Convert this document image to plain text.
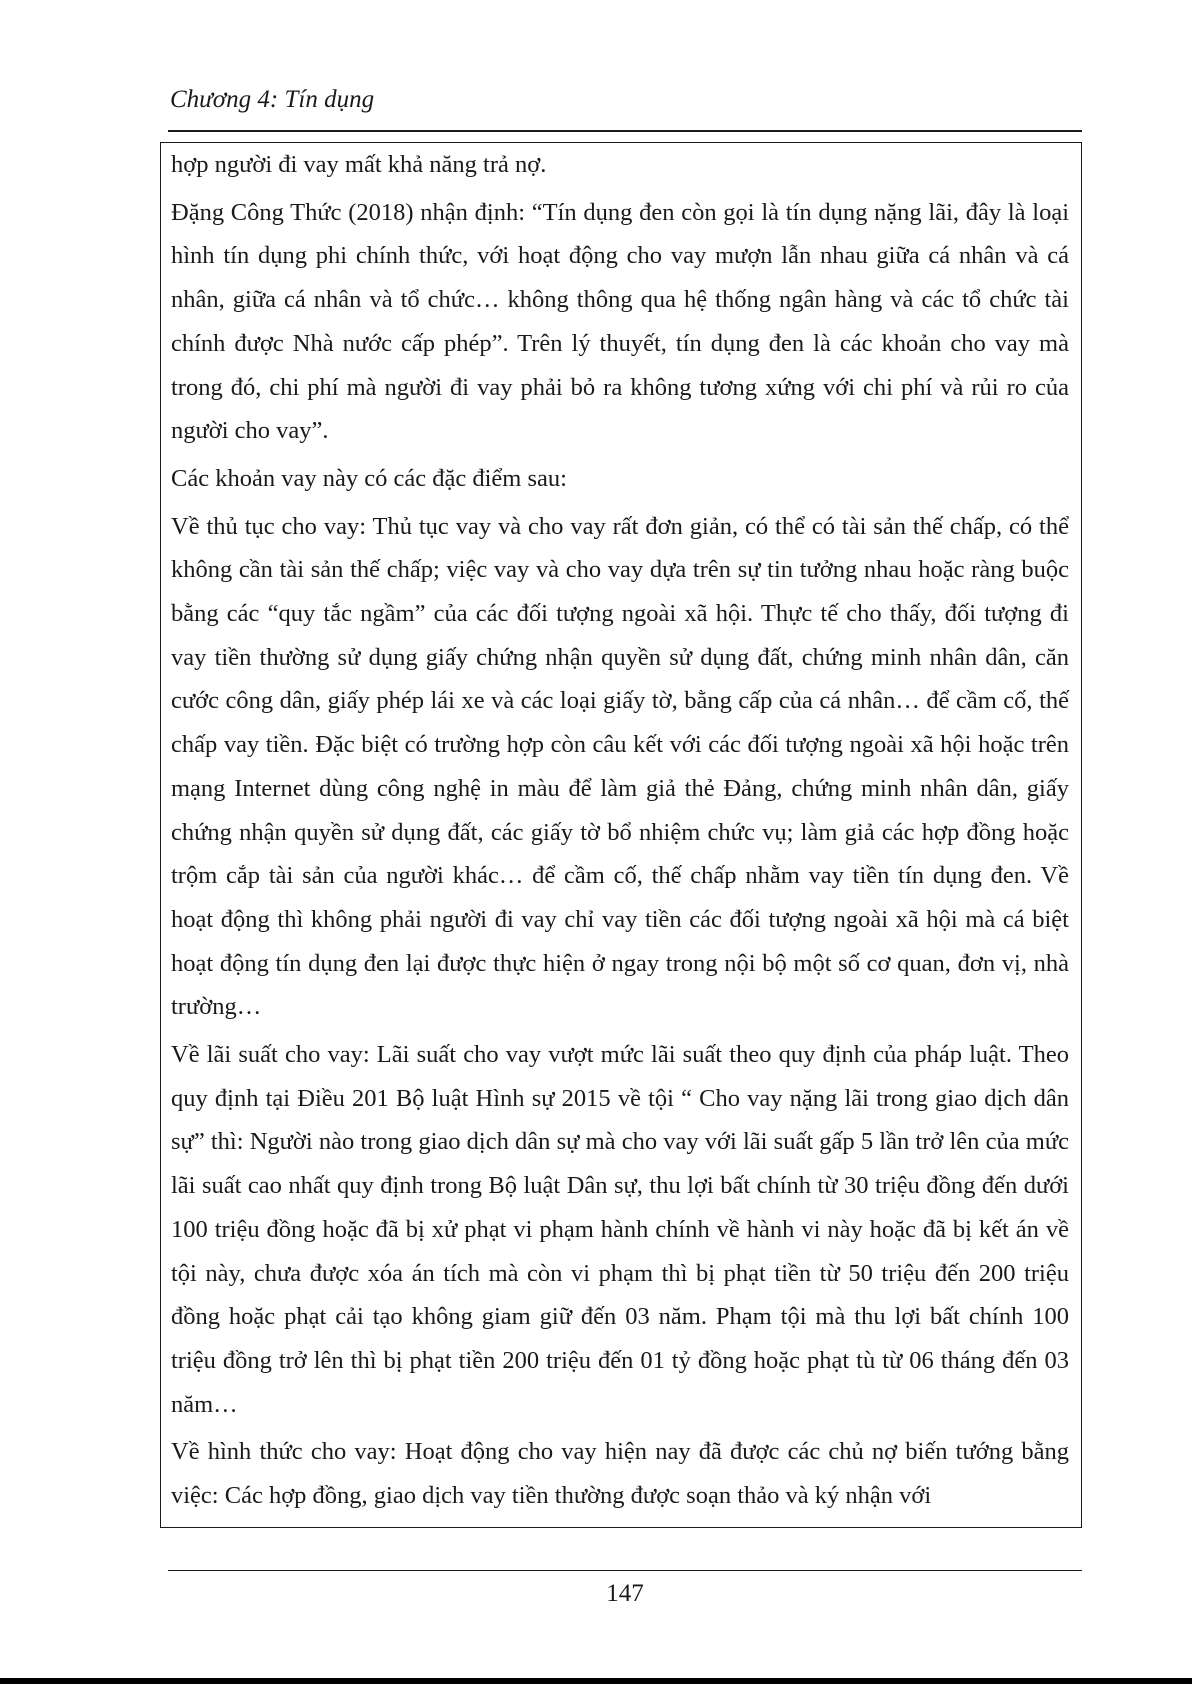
Chương 4: Tín dụng

hợp người đi vay mất khả năng trả nợ.

Đặng Công Thức (2018) nhận định: “Tín dụng đen còn gọi là tín dụng nặng lãi, đây là loại hình tín dụng phi chính thức, với hoạt động cho vay mượn lẫn nhau giữa cá nhân và cá nhân, giữa cá nhân và tổ chức… không thông qua hệ thống ngân hàng và các tổ chức tài chính được Nhà nước cấp phép”. Trên lý thuyết, tín dụng đen là các khoản cho vay mà trong đó, chi phí mà người đi vay phải bỏ ra không tương xứng với chi phí và rủi ro của người cho vay”.

Các khoản vay này có các đặc điểm sau:

Về thủ tục cho vay: Thủ tục vay và cho vay rất đơn giản, có thể có tài sản thế chấp, có thể không cần tài sản thế chấp; việc vay và cho vay dựa trên sự tin tưởng nhau hoặc ràng buộc bằng các “quy tắc ngầm” của các đối tượng ngoài xã hội. Thực tế cho thấy, đối tượng đi vay tiền thường sử dụng giấy chứng nhận quyền sử dụng đất, chứng minh nhân dân, căn cước công dân, giấy phép lái xe và các loại giấy tờ, bằng cấp của cá nhân… để cầm cố, thế chấp vay tiền. Đặc biệt có trường hợp còn câu kết với các đối tượng ngoài xã hội hoặc trên mạng Internet dùng công nghệ in màu để làm giả thẻ Đảng, chứng minh nhân dân, giấy chứng nhận quyền sử dụng đất, các giấy tờ bổ nhiệm chức vụ; làm giả các hợp đồng hoặc trộm cắp tài sản của người khác… để cầm cố, thế chấp nhằm vay tiền tín dụng đen. Về hoạt động thì không phải người đi vay chỉ vay tiền các đối tượng ngoài xã hội mà cá biệt hoạt động tín dụng đen lại được thực hiện ở ngay trong nội bộ một số cơ quan, đơn vị, nhà trường…

Về lãi suất cho vay: Lãi suất cho vay vượt mức lãi suất theo quy định của pháp luật. Theo quy định tại Điều 201 Bộ luật Hình sự 2015 về tội “ Cho vay nặng lãi trong giao dịch dân sự” thì: Người nào trong giao dịch dân sự mà cho vay với lãi suất gấp 5 lần trở lên của mức lãi suất cao nhất quy định trong Bộ luật Dân sự, thu lợi bất chính từ 30 triệu đồng đến dưới 100 triệu đồng hoặc đã bị xử phạt vi phạm hành chính về hành vi này hoặc đã bị kết án về tội này, chưa được xóa án tích mà còn vi phạm thì bị phạt tiền từ 50 triệu đến 200 triệu đồng hoặc phạt cải tạo không giam giữ đến 03 năm. Phạm tội mà thu lợi bất chính 100 triệu đồng trở lên thì bị phạt tiền 200 triệu đến 01 tỷ đồng hoặc phạt tù từ 06 tháng đến 03 năm…

Về hình thức cho vay: Hoạt động cho vay hiện nay đã được các chủ nợ biến tướng bằng việc: Các hợp đồng, giao dịch vay tiền thường được soạn thảo và ký nhận với

147
